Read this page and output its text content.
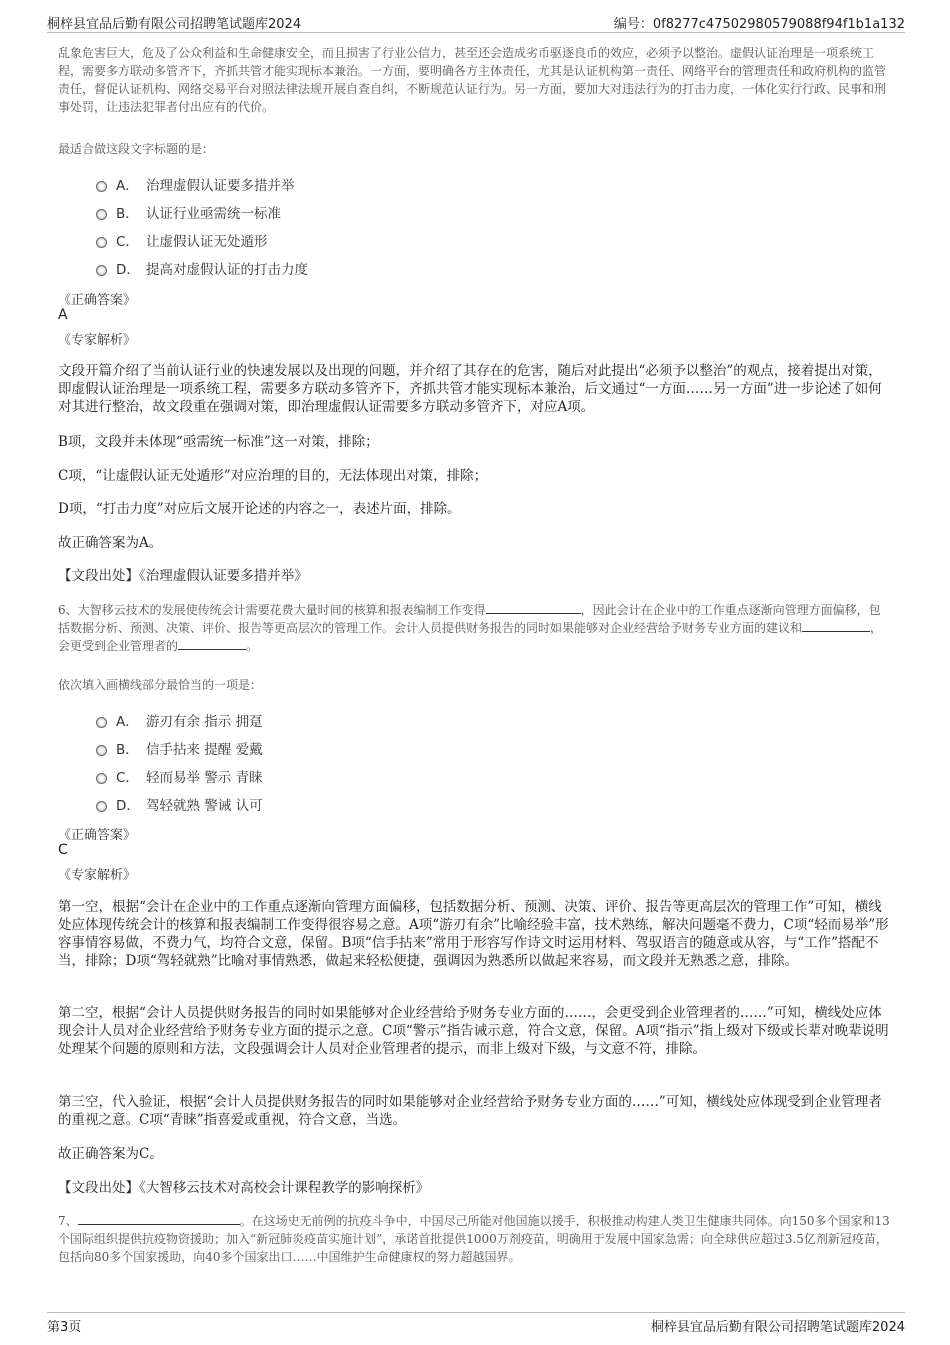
桐梓县宜品后勤有限公司招聘笔试题库2024	编号：0f8277c47502980579088f94f1b1a132
乱象危害巨大，危及了公众利益和生命健康安全，而且损害了行业公信力，甚至还会造成劣币驱逐良币的效应，必须予以整治。虚假认证治理是一项系统工程，需要多方联动多管齐下，齐抓共管才能实现标本兼治。一方面，要明确各方主体责任，尤其是认证机构第一责任、网络平台的管理责任和政府机构的监管责任，督促认证机构、网络交易平台对照法律法规开展自查自纠，不断规范认证行为。另一方面，要加大对违法行为的打击力度，一体化实行行政、民事和刑事处罚，让违法犯罪者付出应有的代价。
最适合做这段文字标题的是：
A． 治理虚假认证要多措并举
B． 认证行业亟需统一标准
C． 让虚假认证无处遁形
D． 提高对虚假认证的打击力度
《正确答案》
A
《专家解析》
文段开篇介绍了当前认证行业的快速发展以及出现的问题，并介绍了其存在的危害，随后对此提出“必须予以整治”的观点，接着提出对策，即虚假认证治理是一项系统工程，需要多方联动多管齐下，齐抓共管才能实现标本兼治，后文通过“一方面……另一方面”进一步论述了如何对其进行整治，故文段重在强调对策，即治理虚假认证需要多方联动多管齐下，对应A项。
B项，文段并未体现“亟需统一标准”这一对策，排除；
C项，“让虚假认证无处遁形”对应治理的目的，无法体现出对策，排除；
D项，“打击力度”对应后文展开论述的内容之一，表述片面，排除。
故正确答案为A。
【文段出处】《治理虚假认证要多措并举》
6、大智移云技术的发展使传统会计需要花费大量时间的核算和报表编制工作变得	，因此会计在企业中的工作重点逐渐向管理方面偏移，包括数据分析、预测、决策、评价、报告等更高层次的管理工作。会计人员提供财务报告的同时如果能够对企业经营给予财务专业方面的建议和	，会更受到企业管理者的	。
依次填入画横线部分最恰当的一项是：
A． 游刃有余 指示 拥趸
B． 信手拈来 提醒 爱戴
C． 轻而易举 警示 青睐
D． 驾轻就熟 警诫 认可
《正确答案》
C
《专家解析》
第一空，根据“会计在企业中的工作重点逐渐向管理方面偏移，包括数据分析、预测、决策、评价、报告等更高层次的管理工作”可知，横线处应体现传统会计的核算和报表编制工作变得很容易之意。A项“游刃有余”比喻经验丰富，技术熟练，解决问题毫不费力，C项“轻而易举”形容事情容易做，不费力气，均符合文意，保留。B项“信手拈来”常用于形容写作诗文时运用材料、驾驭语言的随意或从容，与“工作”搭配不当，排除；D项“驾轻就熟”比喻对事情熟悉，做起来轻松便捷，强调因为熟悉所以做起来容易，而文段并无熟悉之意，排除。
第二空，根据“会计人员提供财务报告的同时如果能够对企业经营给予财务专业方面的……，会更受到企业管理者的……”可知，横线处应体现会计人员对企业经营给予财务专业方面的提示之意。C项“警示”指告诫示意，符合文意，保留。A项“指示”指上级对下级或长辈对晚辈说明处理某个问题的原则和方法，文段强调会计人员对企业管理者的提示，而非上级对下级，与文意不符，排除。
第三空，代入验证，根据“会计人员提供财务报告的同时如果能够对企业经营给予财务专业方面的……”可知，横线处应体现受到企业管理者的重视之意。C项“青睐”指喜爱或重视，符合文意，当选。
故正确答案为C。
【文段出处】《大智移云技术对高校会计课程教学的影响探析》
7、	。在这场史无前例的抗疫斗争中，中国尽己所能对他国施以援手，积极推动构建人类卫生健康共同体。向150多个国家和13个国际组织提供抗疫物资援助；加入“新冠肺炎疫苗实施计划”，承诺首批提供1000万剂疫苗，明确用于发展中国家急需；向全球供应超过3.5亿剂新冠疫苗，包括向80多个国家援助，向40多个国家出口……中国维护生命健康权的努力超越国界。
第3页	桐梓县宜品后勤有限公司招聘笔试题库2024
